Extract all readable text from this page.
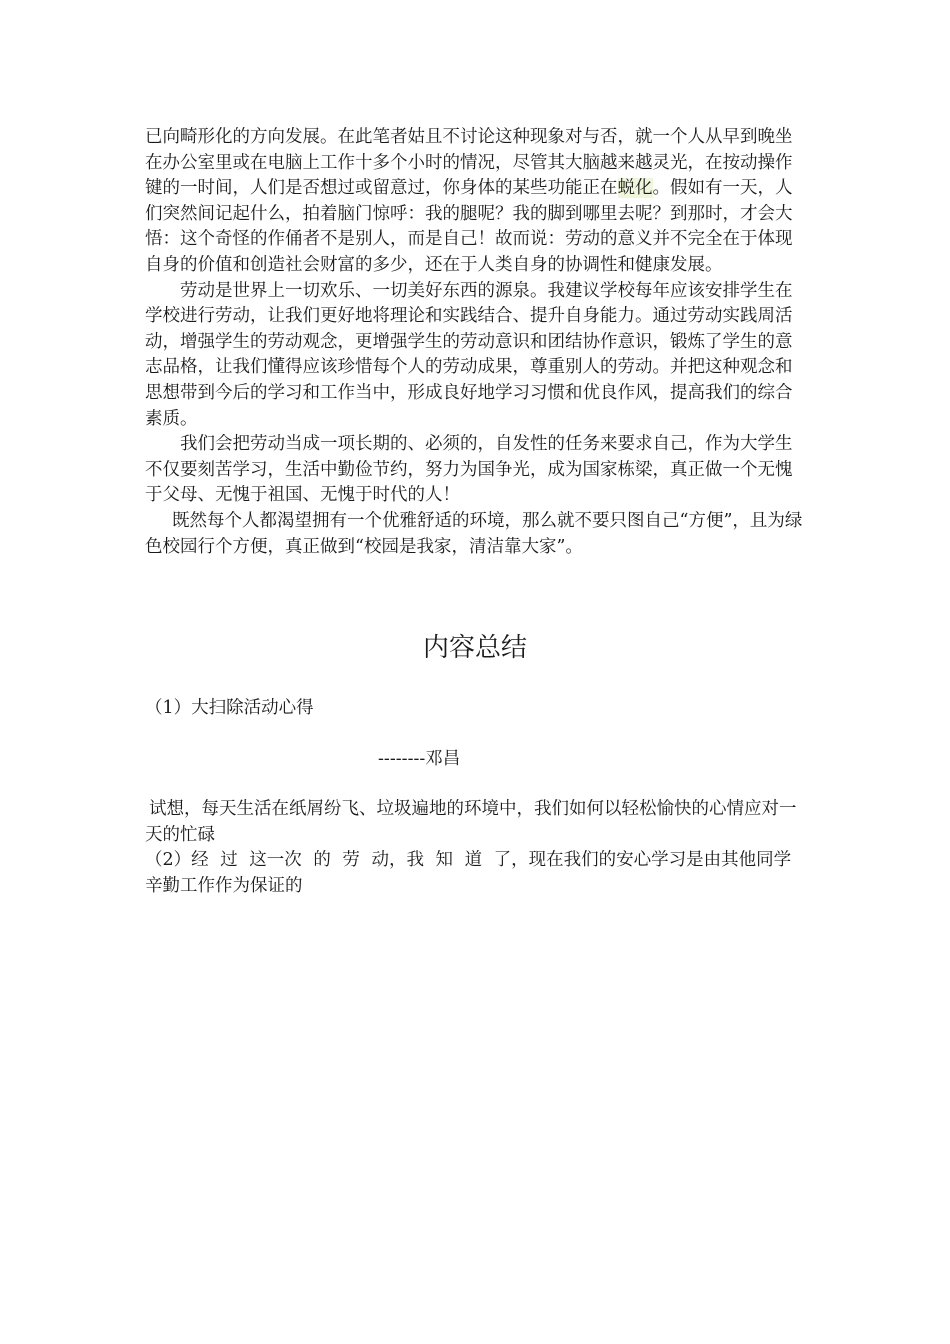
已向畸形化的方向发展。在此笔者姑且不讨论这种现象对与否，就一个人从早到晚坐在办公室里或在电脑上工作十多个小时的情况，尽管其大脑越来越灵光，在按动操作键的一时间，人们是否想过或留意过，你身体的某些功能正在蜕化。假如有一天，人们突然间记起什么，拍着脑门惊呼：我的腿呢？我的脚到哪里去呢？到那时，才会大悟：这个奇怪的作俑者不是别人，而是自己！故而说：劳动的意义并不完全在于体现自身的价值和创造社会财富的多少，还在于人类自身的协调性和健康发展。

劳动是世界上一切欢乐、一切美好东西的源泉。我建议学校每年应该安排学生在学校进行劳动，让我们更好地将理论和实践结合、提升自身能力。通过劳动实践周活动，增强学生的劳动观念，更增强学生的劳动意识和团结协作意识，锻炼了学生的意志品格，让我们懂得应该珍惜每个人的劳动成果，尊重别人的劳动。并把这种观念和思想带到今后的学习和工作当中，形成良好地学习习惯和优良作风，提高我们的综合素质。

我们会把劳动当成一项长期的、必须的，自发性的任务来要求自己，作为大学生不仅要刻苦学习，生活中勤俭节约，努力为国争光，成为国家栋梁，真正做一个无愧于父母、无愧于祖国、无愧于时代的人！

既然每个人都渴望拥有一个优雅舒适的环境，那么就不要只图自己“方便”，且为绿色校园行个方便，真正做到“校园是我家，清洁靠大家”。

内容总结
（1）大扫除活动心得
--------邓昌

试想，每天生活在纸屑纷飞、垃圾遍地的环境中，我们如何以轻松愉快的心情应对一天的忙碌

（2）经 过 这一次 的 劳 动，我 知 道 了，现在我们的安心学习是由其他同学辛勤工作作为保证的
